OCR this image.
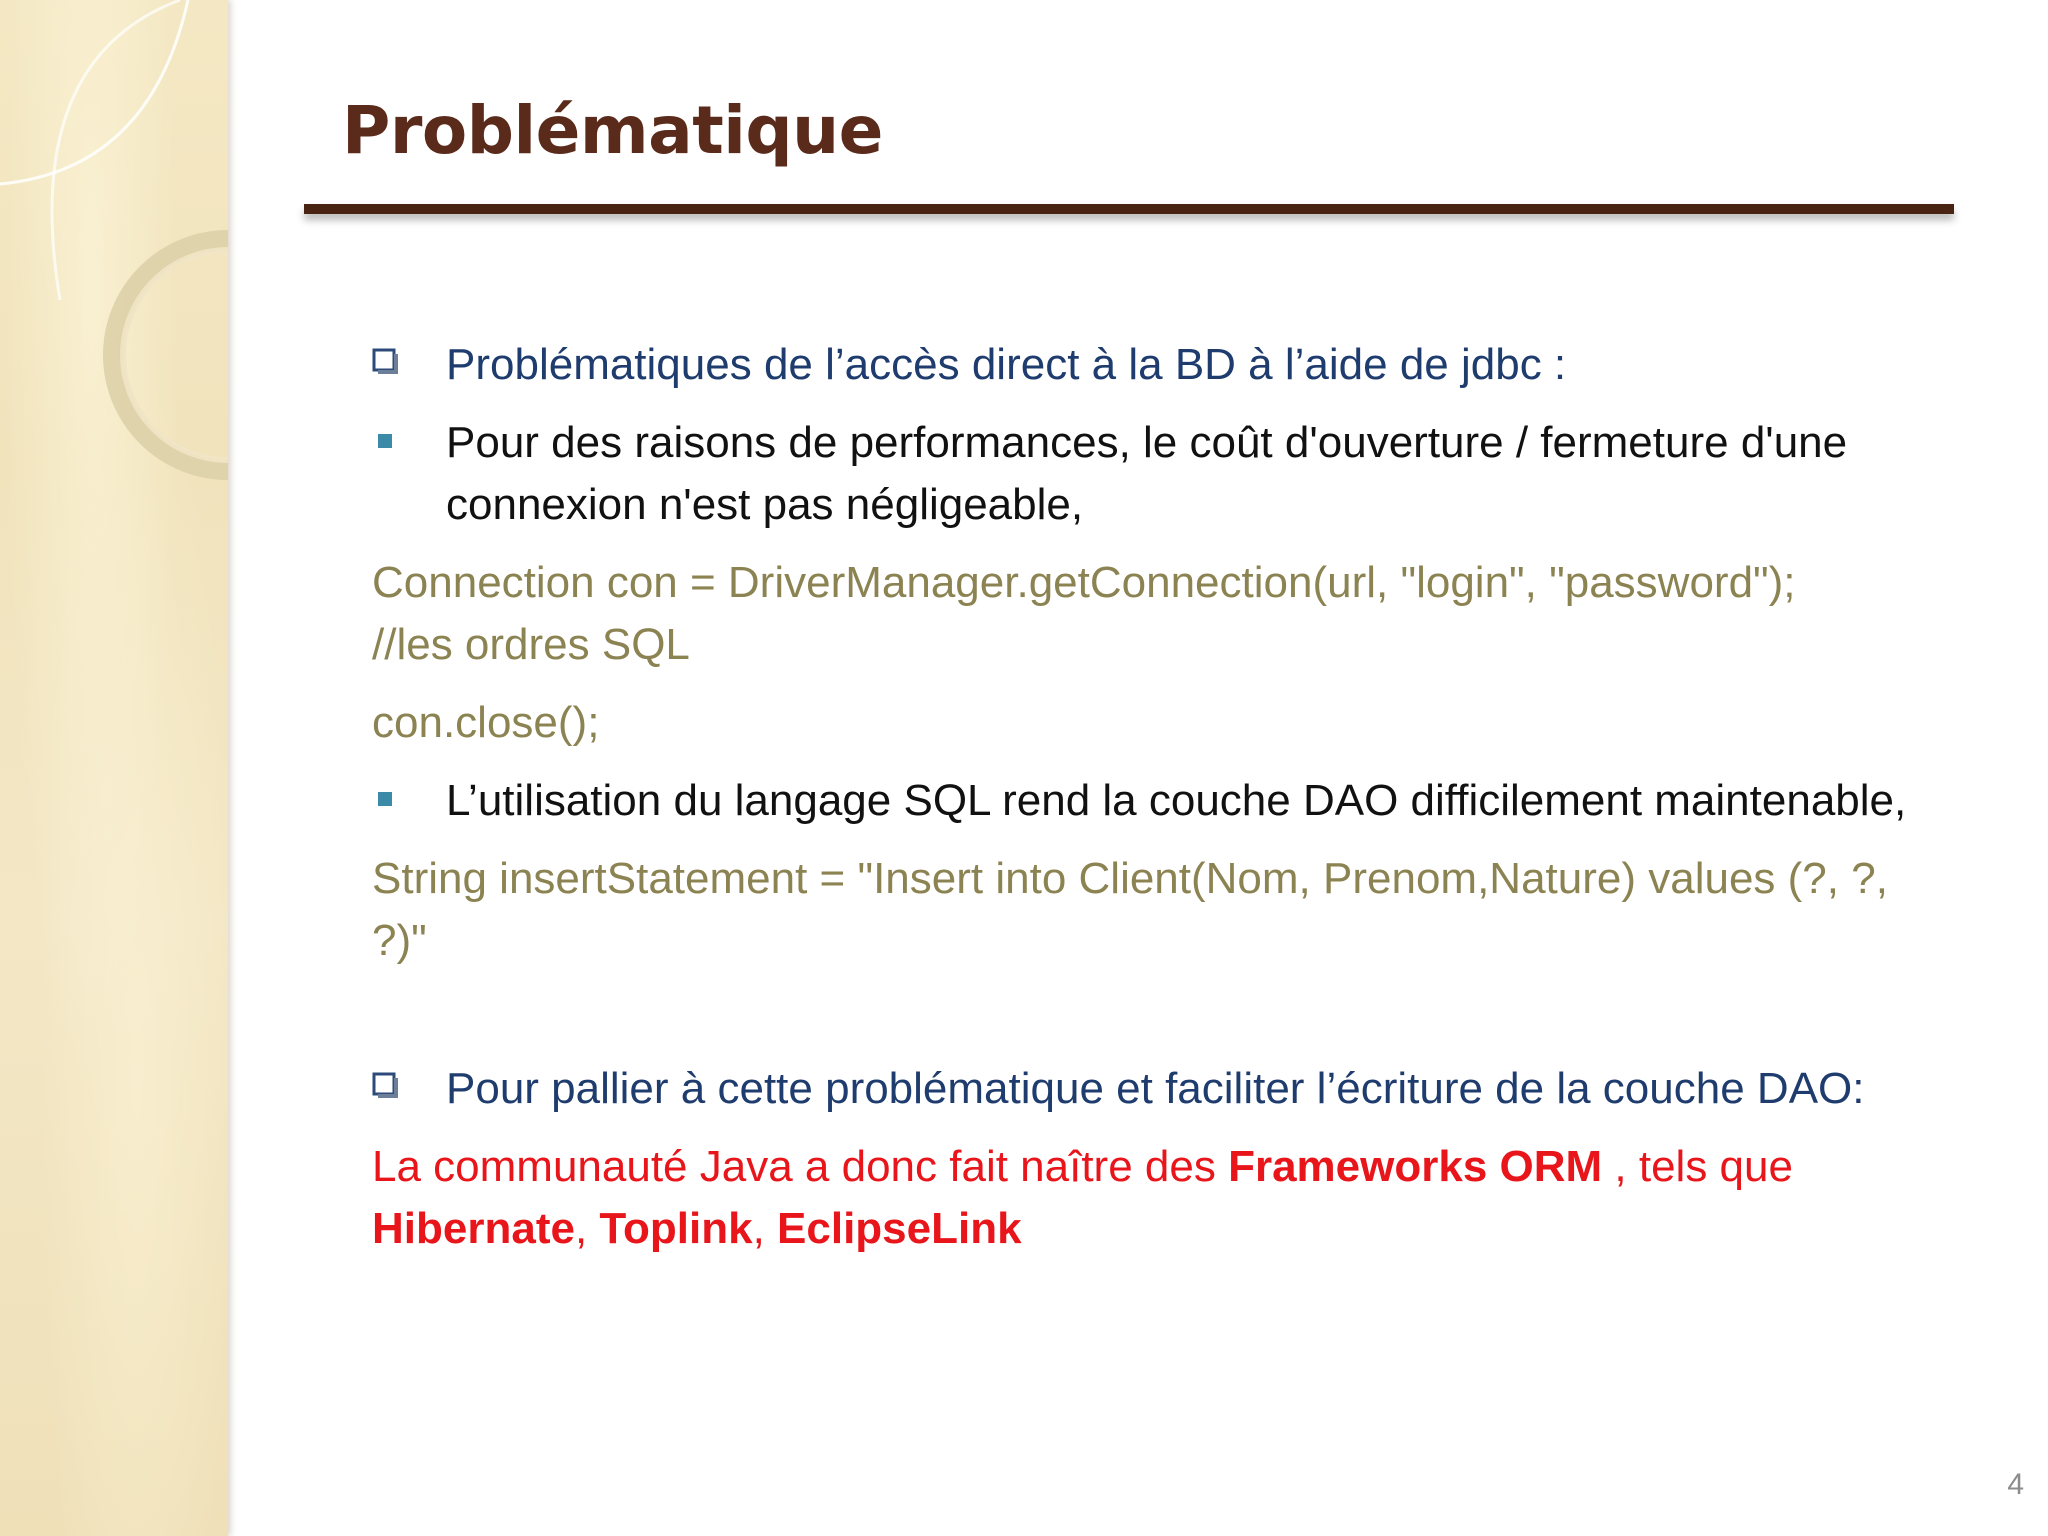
Problématique

Problématiques de l’accès direct à la BD à l’aide de jdbc :

Pour des raisons de performances, le coût d'ouverture / fermeture d'une connexion n'est pas négligeable,

Connection con = DriverManager.getConnection(url, "login", "password");
//les ordres SQL

con.close();

L’utilisation du langage SQL rend la couche DAO difficilement maintenable,

String insertStatement = "Insert into Client(Nom, Prenom,Nature) values (?, ?, ?)"

Pour pallier à cette problématique et faciliter l’écriture de la couche DAO:

La communauté Java a donc fait naître des Frameworks ORM , tels que
Hibernate, Toplink, EclipseLink

4
